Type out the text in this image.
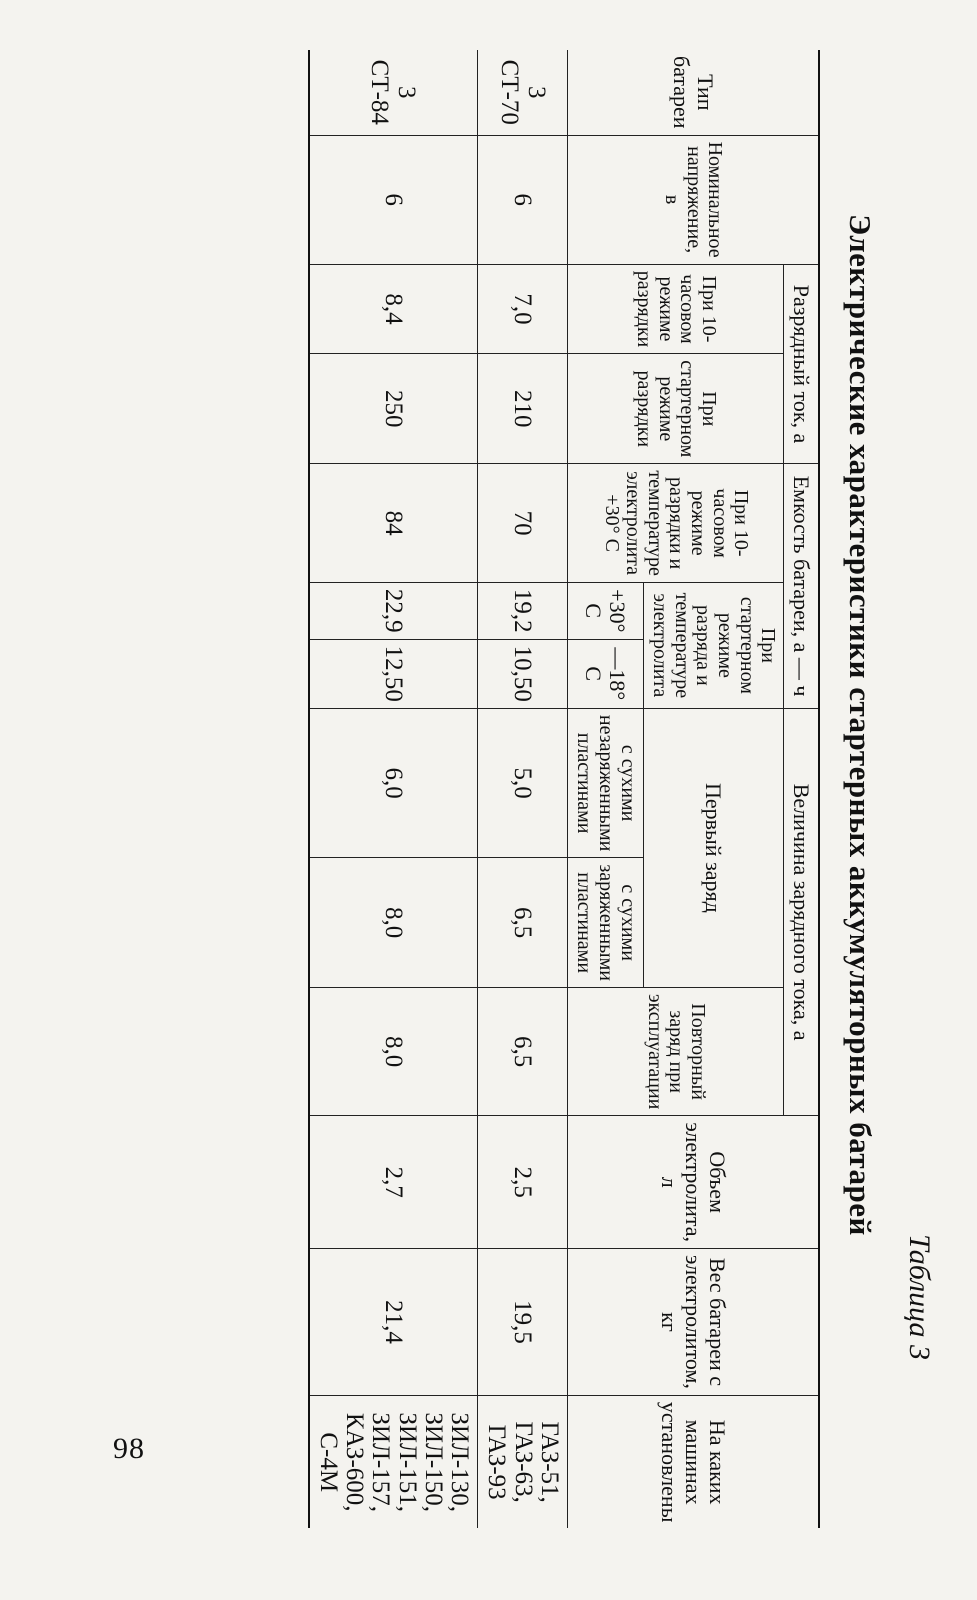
98
Таблица 3
Электрические характеристики стартерных аккумуляторных батарей
Тип батареи	Номинальное напряжение, в	Разрядный ток, а		Емкость батареи, а — ч			Величина зарядного тока, а			Объем электролита, л	Вес батареи с электролитом, кг	На каких машинах установлены
		При 10-часовом режиме разрядки	При стартерном режиме разрядки	При 10-часовом режиме разрядки и температуре электролита +30° С	При стартерном режиме разряда и температуре электролита		Первый заряд		Повторный заряд при эксплуатации			
					+30° С	—18° С	с сухими незаряженными пластинами	с сухими заряженными пластинами				
3 СТ-70	6	7,0	210	70	19,2	10,50	5,0	6,5	6,5	2,5	19,5	ГАЗ-51,
ГАЗ-63,
ГАЗ-93

3 СТ-84	6	8,4	250	84	22,9	12,50	6,0	8,0	8,0	2,7	21,4	ЗИЛ-130,
ЗИЛ-150,
ЗИЛ-151,
ЗИЛ-157,
КАЗ-600, С-4М
